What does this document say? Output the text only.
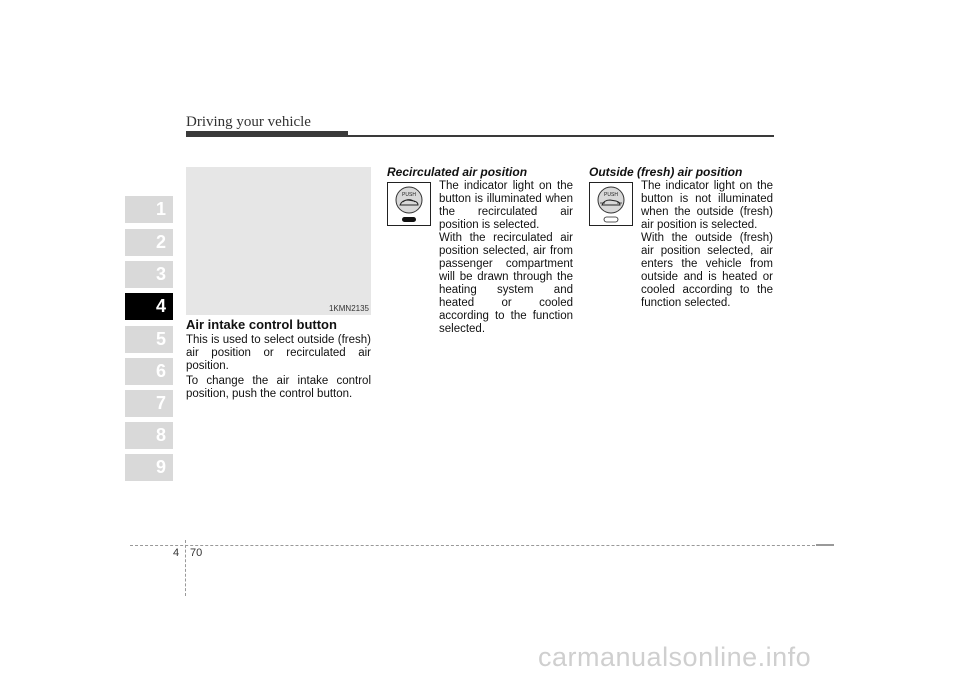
Driving your vehicle
1
2
3
4
5
6
7
8
9
1KMN2135
Air intake control button

This is used to select outside (fresh) air position or recirculated air position.

To change the air intake control position, push the control button.

Recirculated air position
PUSH

The indicator light on the button is illuminated when the recirculated air position is selected.

With the recirculated air position selected, air from passenger compartment will be drawn through the heating system and heated or cooled according to the function selected.

Outside (fresh) air position
PUSH

The indicator light on the button is not illuminated when the outside (fresh) air position is selected.

With the outside (fresh) air position selected, air enters the vehicle from outside and is heated or cooled according to the function selected.

4 70
carmanualsonline.info
